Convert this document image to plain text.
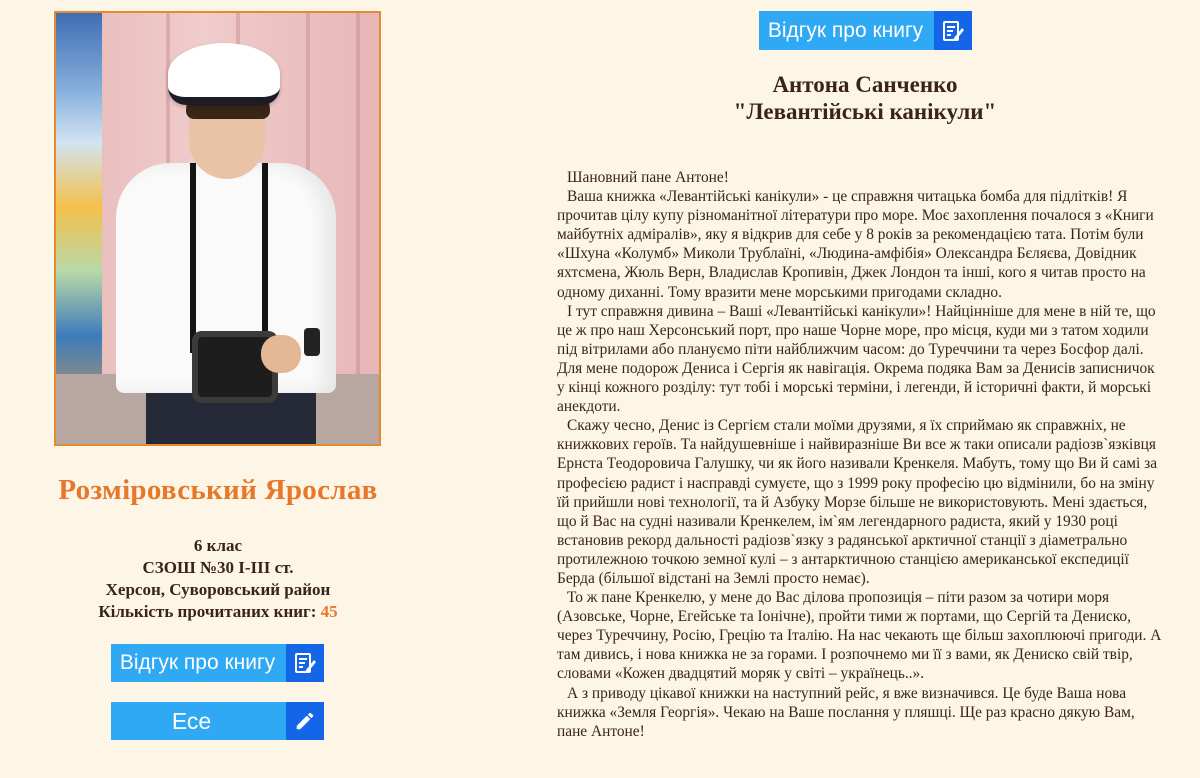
Відгук про книгу
Розміровський Ярослав
6 клас
СЗОШ №30 І-ІІІ ст.
Херсон, Суворовський район
Кількість прочитаних книг: 45
Відгук про книгу
Есе
Антона Санченко
"Левантійські канікули"

Шановний пане Антоне!

Ваша книжка «Левантійські канікули» - це справжня читацька бомба для підлітків! Я прочитав цілу купу різноманітної літератури про море. Моє захоплення почалося з «Книги майбутніх адміралів», яку я відкрив для себе у 8 років за рекомендацією тата. Потім були «Шхуна «Колумб» Миколи Трублаїні, «Людина-амфібія» Олександра Бєляєва, Довідник яхтсмена, Жюль Верн, Владислав Кропивін, Джек Лондон та інші, кого я читав просто на одному диханні. Тому вразити мене морськими пригодами складно.

І тут справжня дивина – Ваші «Левантійські канікули»! Найцінніше для мене в ній те, що це ж про наш Херсонський порт, про наше Чорне море, про місця, куди ми з татом ходили під вітрилами або плануємо піти найближчим часом: до Туреччини та через Босфор далі. Для мене подорож Дениса і Сергія як навігація. Окрема подяка Вам за Денисів записничок у кінці кожного розділу: тут тобі і морські терміни, і легенди, й історичні факти, й морські анекдоти.

Скажу чесно, Денис із Сергієм стали моїми друзями, я їх сприймаю як справжніх, не книжкових героїв. Та найдушевніше і найвиразніше Ви все ж таки описали радіозв`язківця Ернста Теодоровича Галушку, чи як його називали Кренкеля. Мабуть, тому що Ви й самі за професією радист і насправді сумуєте, що з 1999 року професію цю відмінили, бо на зміну їй прийшли нові технології, та й Азбуку Морзе більше не використовують. Мені здається, що й Вас на судні називали Кренкелем, ім`ям легендарного радиста, який у 1930 році встановив рекорд дальності радіозв`язку з радянської арктичної станції з діаметрально протилежною точкою земної кулі – з антарктичною станцією американської експедиції Берда (більшої відстані на Землі просто немає).

То ж пане Кренкелю, у мене до Вас ділова пропозиція – піти разом за чотири моря (Азовське, Чорне, Егейське та Іонічне), пройти тими ж портами, що Сергій та Дениско, через Туреччину, Росію, Грецію та Італію. На нас чекають ще більш захоплюючі пригоди. А там дивись, і нова книжка не за горами. І розпочнемо ми її з вами, як Дениско свій твір, словами «Кожен двадцятий моряк у світі – українець..».

А з приводу цікавої книжки на наступний рейс, я вже визначився. Це буде Ваша нова книжка «Земля Георгія». Чекаю на Ваше послання у пляшці. Ще раз красно дякую Вам, пане Антоне!
